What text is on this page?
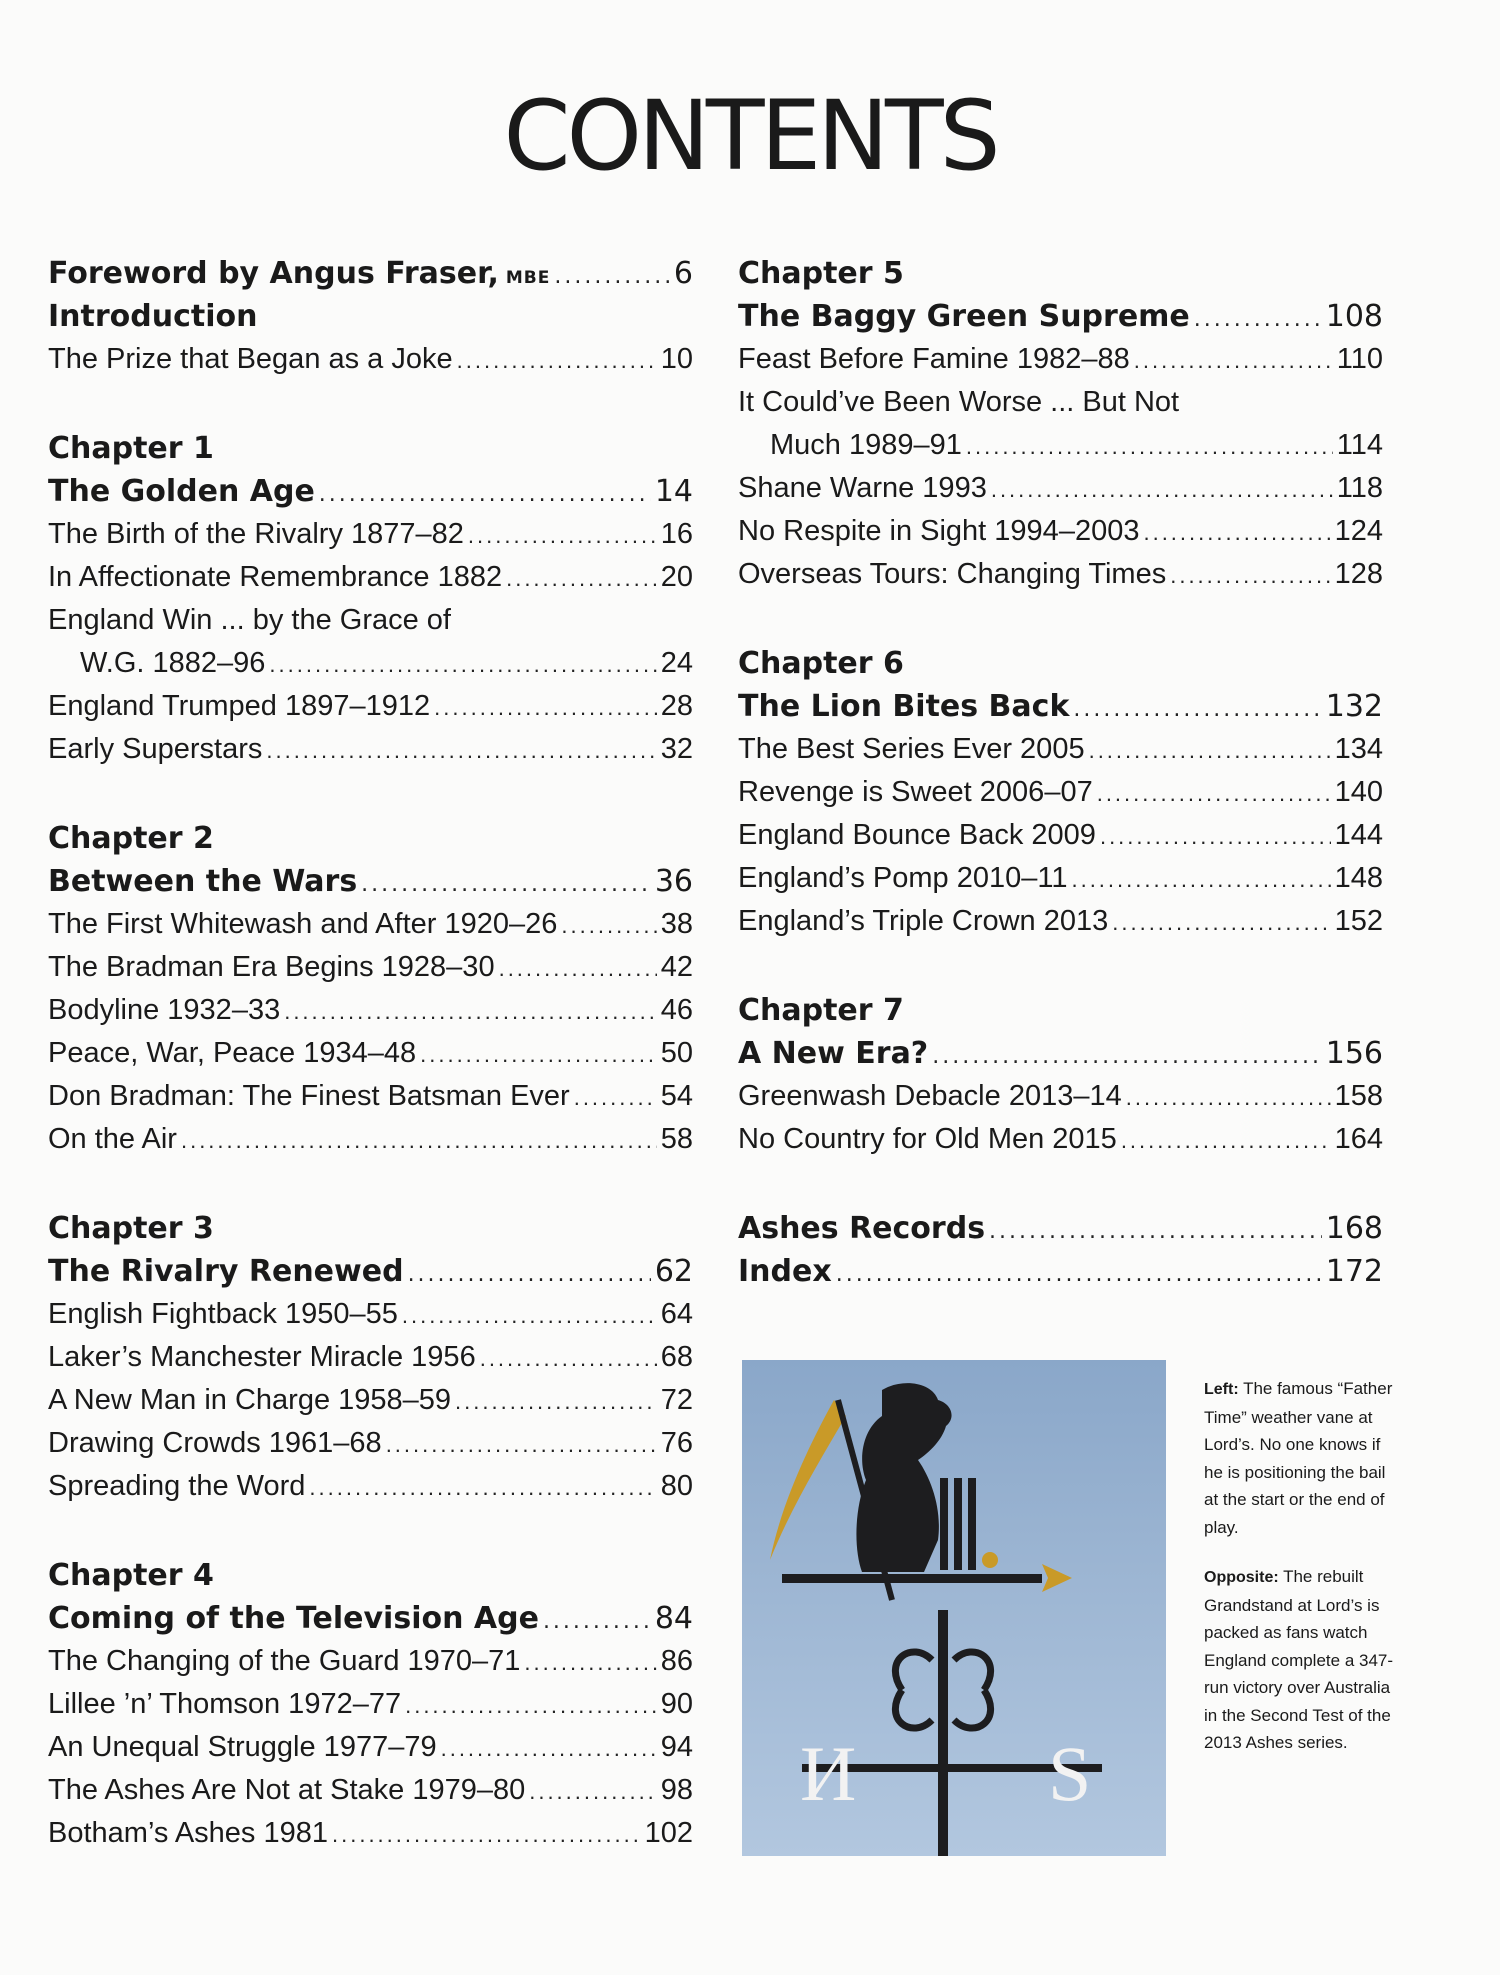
CONTENTS
Foreword by Angus Fraser, MBE .....	6
Introduction
The Prize that Began as a Joke .....	10
Chapter 1
The Golden Age .....	14
The Birth of the Rivalry 1877–82 .....	16
In Affectionate Remembrance 1882 .....	20
England Win ... by the Grace of
W.G. 1882–96 .....	24
England Trumped 1897–1912 .....	28
Early Superstars .....	32
Chapter 2
Between the Wars .....	36
The First Whitewash and After 1920–26 .....	38
The Bradman Era Begins 1928–30 .....	42
Bodyline 1932–33 .....	46
Peace, War, Peace 1934–48 .....	50
Don Bradman: The Finest Batsman Ever .....	54
On the Air .....	58
Chapter 3
The Rivalry Renewed .....	62
English Fightback 1950–55 .....	64
Laker’s Manchester Miracle 1956 .....	68
A New Man in Charge 1958–59 .....	72
Drawing Crowds 1961–68 .....	76
Spreading the Word .....	80
Chapter 4
Coming of the Television Age .....	84
The Changing of the Guard 1970–71 .....	86
Lillee ’n’ Thomson 1972–77 .....	90
An Unequal Struggle 1977–79 .....	94
The Ashes Are Not at Stake 1979–80 .....	98
Botham’s Ashes 1981 .....	102
Chapter 5
The Baggy Green Supreme .....	108
Feast Before Famine 1982–88 .....	110
It Could’ve Been Worse ... But Not
Much 1989–91 .....	114
Shane Warne 1993 .....	118
No Respite in Sight 1994–2003 .....	124
Overseas Tours: Changing Times .....	128
Chapter 6
The Lion Bites Back .....	132
The Best Series Ever 2005 .....	134
Revenge is Sweet 2006–07 .....	140
England Bounce Back 2009 .....	144
England’s Pomp 2010–11 .....	148
England’s Triple Crown 2013 .....	152
Chapter 7
A New Era? .....	156
Greenwash Debacle 2013–14 .....	158
No Country for Old Men 2015 .....	164
Ashes Records .....	168
Index .....	172
И S

Left: The famous “Father Time” weather vane at Lord’s. No one knows if he is positioning the bail at the start or the end of play.

Opposite: The rebuilt Grandstand at Lord’s is packed as fans watch England complete a 347-run victory over Australia in the Second Test of the 2013 Ashes series.
